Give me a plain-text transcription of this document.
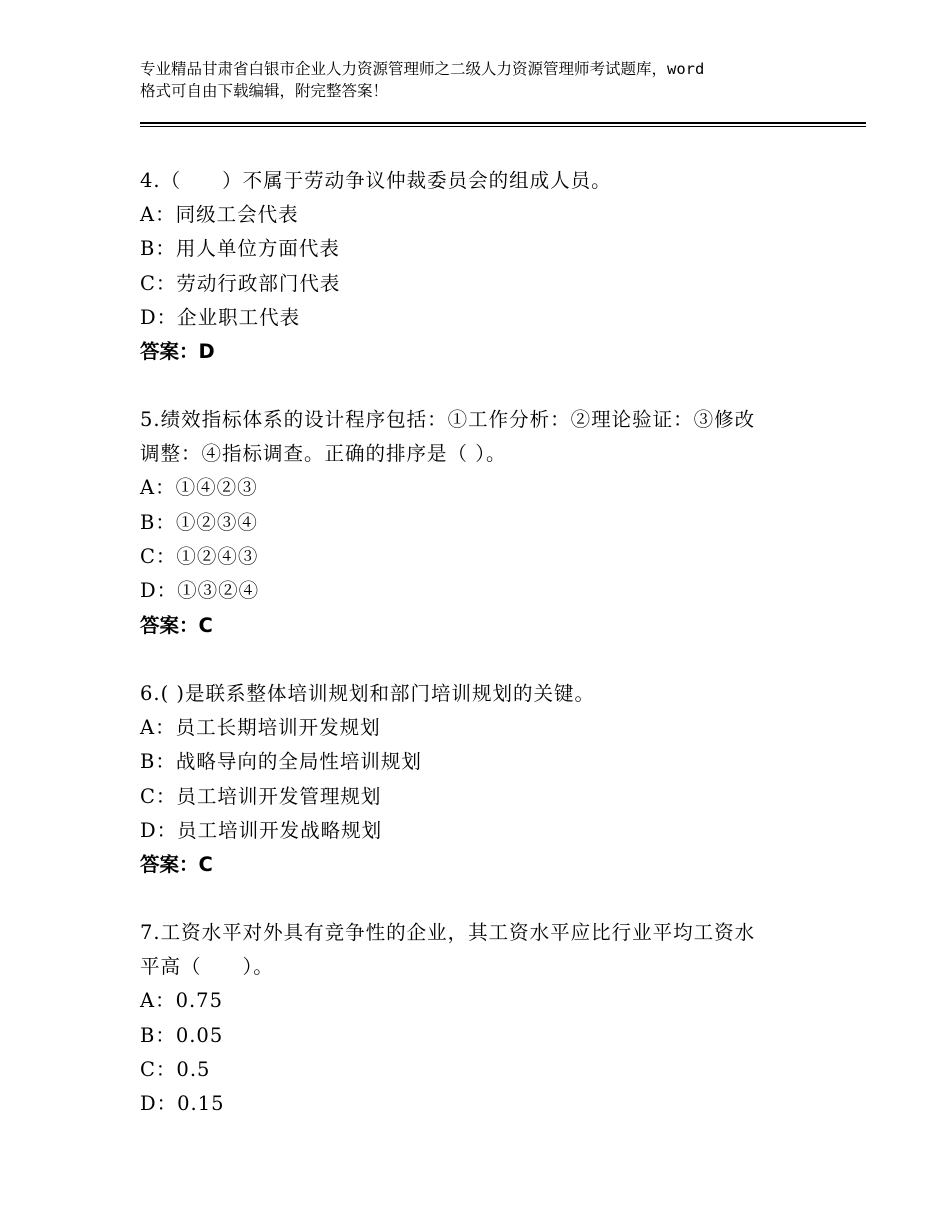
专业精品甘肃省白银市企业人力资源管理师之二级人力资源管理师考试题库，word
格式可自由下载编辑，附完整答案！
4.（　　）不属于劳动争议仲裁委员会的组成人员。
A：同级工会代表
B：用人单位方面代表
C：劳动行政部门代表
D：企业职工代表
答案：D
5.绩效指标体系的设计程序包括：①工作分析：②理论验证：③修改
调整：④指标调查。正确的排序是（ ）。
A：①④②③
B：①②③④
C：①②④③
D：①③②④
答案：C
6.( )是联系整体培训规划和部门培训规划的关键。
A：员工长期培训开发规划
B：战略导向的全局性培训规划
C：员工培训开发管理规划
D：员工培训开发战略规划
答案：C
7.工资水平对外具有竞争性的企业，其工资水平应比行业平均工资水
平高（　　）。
A：0.75
B：0.05
C：0.5
D：0.15
